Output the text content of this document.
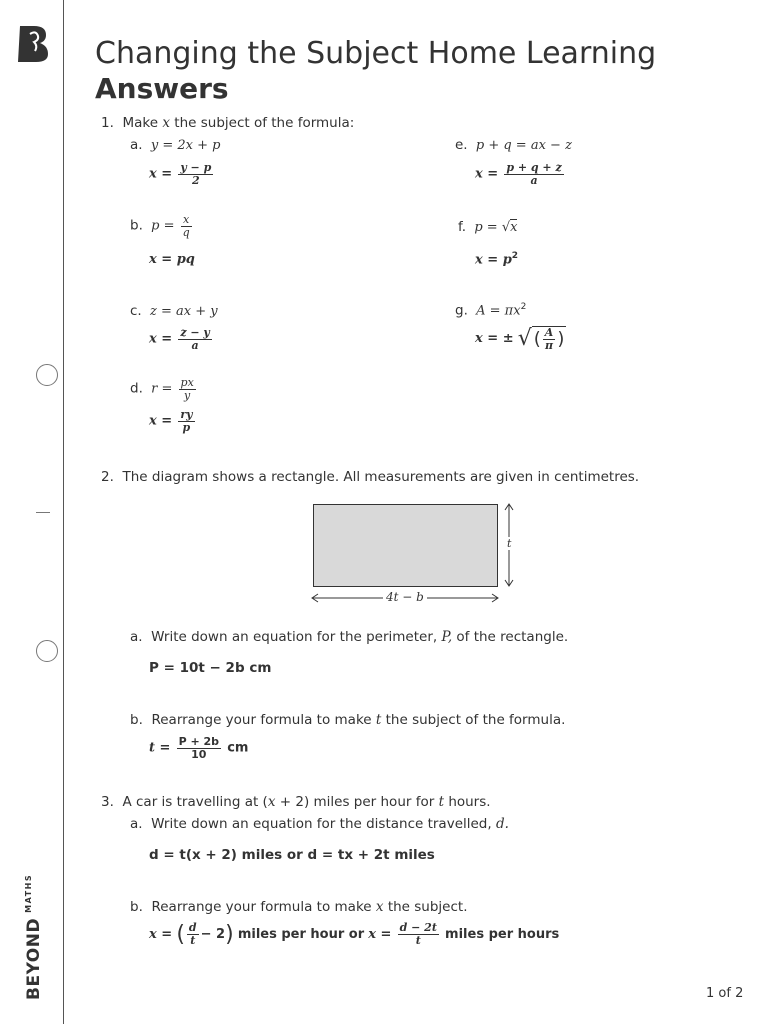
B
BEYOND $^{MATHS}$
Changing the Subject Home Learning
Answers
1. Make x the subject of the formula:
a. y = 2x + p
$x = \frac{y - p}{2}$
b. $p = \frac{x}{q}$
x = pq
c. z = ax + y
$x = \frac{z - y}{a}$
d. $r = \frac{px}{y}$
$x = \frac{ry}{p}$
e. p + q = ax − z
$x = \frac{p + q + z}{a}$
f. p = √x
$x = p^2$
g. $A = \pi x^2$
x = ± √ ( $\frac{A}{\pi}$ )
2. The diagram shows a rectangle. All measurements are given in centimetres.
t
4t − b
a. Write down an equation for the perimeter, P, of the rectangle.
P = 10t − 2b cm
b. Rearrange your formula to make t the subject of the formula.
$t = \frac{P + 2b}{10}$ cm
3. A car is travelling at (x + 2) miles per hour for t hours.
a. Write down an equation for the distance travelled, d.
d = t(x + 2) miles or d = tx + 2t miles
b. Rearrange your formula to make x the subject.
x = ( $\frac{d}{t} - 2$) miles per hour or $x = \frac{d - 2t}{t}$ miles per hours
1 of 2
